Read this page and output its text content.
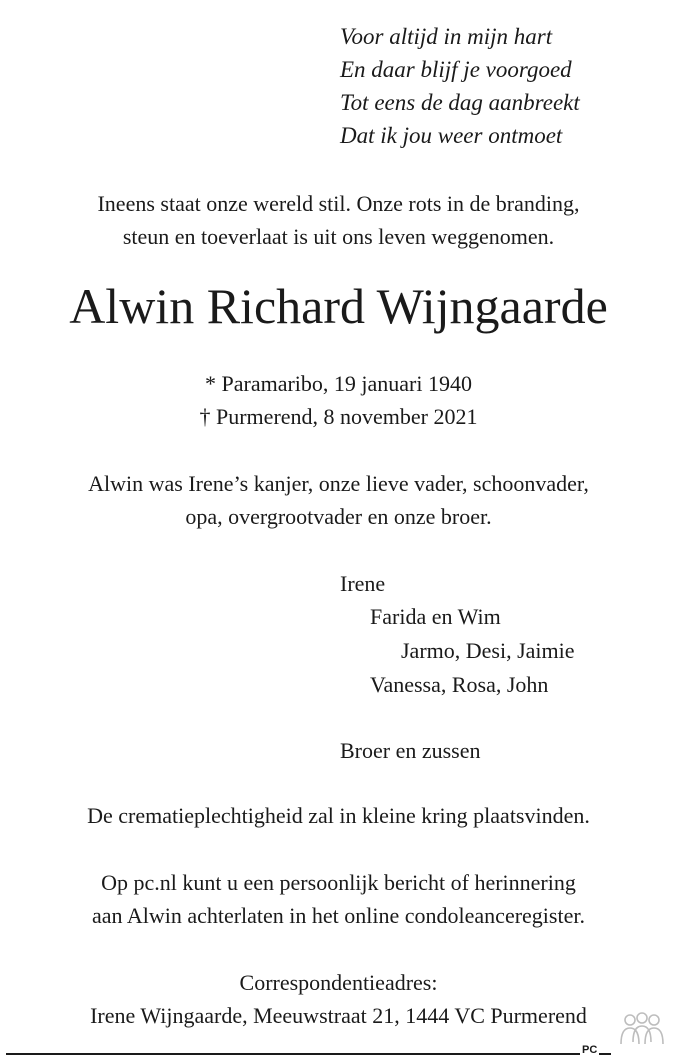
Voor altijd in mijn hart
En daar blijf je voorgoed
Tot eens de dag aanbreekt
Dat ik jou weer ontmoet
Ineens staat onze wereld stil. Onze rots in de branding,
steun en toeverlaat is uit ons leven weggenomen.
Alwin Richard Wijngaarde
* Paramaribo, 19 januari 1940
† Purmerend, 8 november 2021
Alwin was Irene’s kanjer, onze lieve vader, schoonvader,
opa, overgrootvader en onze broer.
Irene
Farida en Wim
Jarmo, Desi, Jaimie
Vanessa, Rosa, John
Broer en zussen
De crematieplechtigheid zal in kleine kring plaatsvinden.
Op pc.nl kunt u een persoonlijk bericht of herinnering
aan Alwin achterlaten in het online condoleanceregister.
Correspondentieadres:
Irene Wijngaarde, Meeuwstraat 21, 1444 VC Purmerend
PC
